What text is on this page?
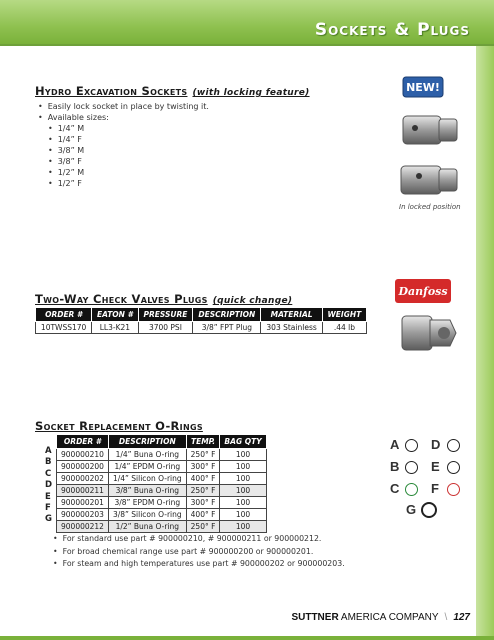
Sockets & Plugs
Hydro Excavation Sockets (with locking feature)
• Easily lock socket in place by twisting it.
• Available sizes:
• 1/4” M
• 1/4” F
• 3/8” M
• 3/8” F
• 1/2” M
• 1/2” F
NEW!
In locked position
Two-Way Check Valves Plugs (quick change)
ORDER #	EATON #	PRESSURE	DESCRIPTION	MATERIAL	WEIGHT
10TWSS170	LL3-K21	3700 PSI	3/8” FPT Plug	303 Stainless	.44 lb
Danfoss
Socket Replacement O-Rings
A
B
C
D
E
F
G
ORDER #	DESCRIPTION	TEMP.	BAG QTY
900000210	1/4” Buna O-ring	250° F	100
900000200	1/4” EPDM O-ring	300° F	100
900000202	1/4” Silicon O-ring	400° F	100
900000211	3/8” Buna O-ring	250° F	100
900000201	3/8” EPDM O-ring	300° F	100
900000203	3/8” Silicon O-ring	400° F	100
900000212	1/2” Buna O-ring	250° F	100
A D
B E
C F
G
• For standard use part # 900000210, # 900000211 or 900000212.
• For broad chemical range use part # 900000200 or 900000201.
• For steam and high temperatures use part # 900000202 or 900000203.
SUTTNER AMERICA COMPANY \ 127
